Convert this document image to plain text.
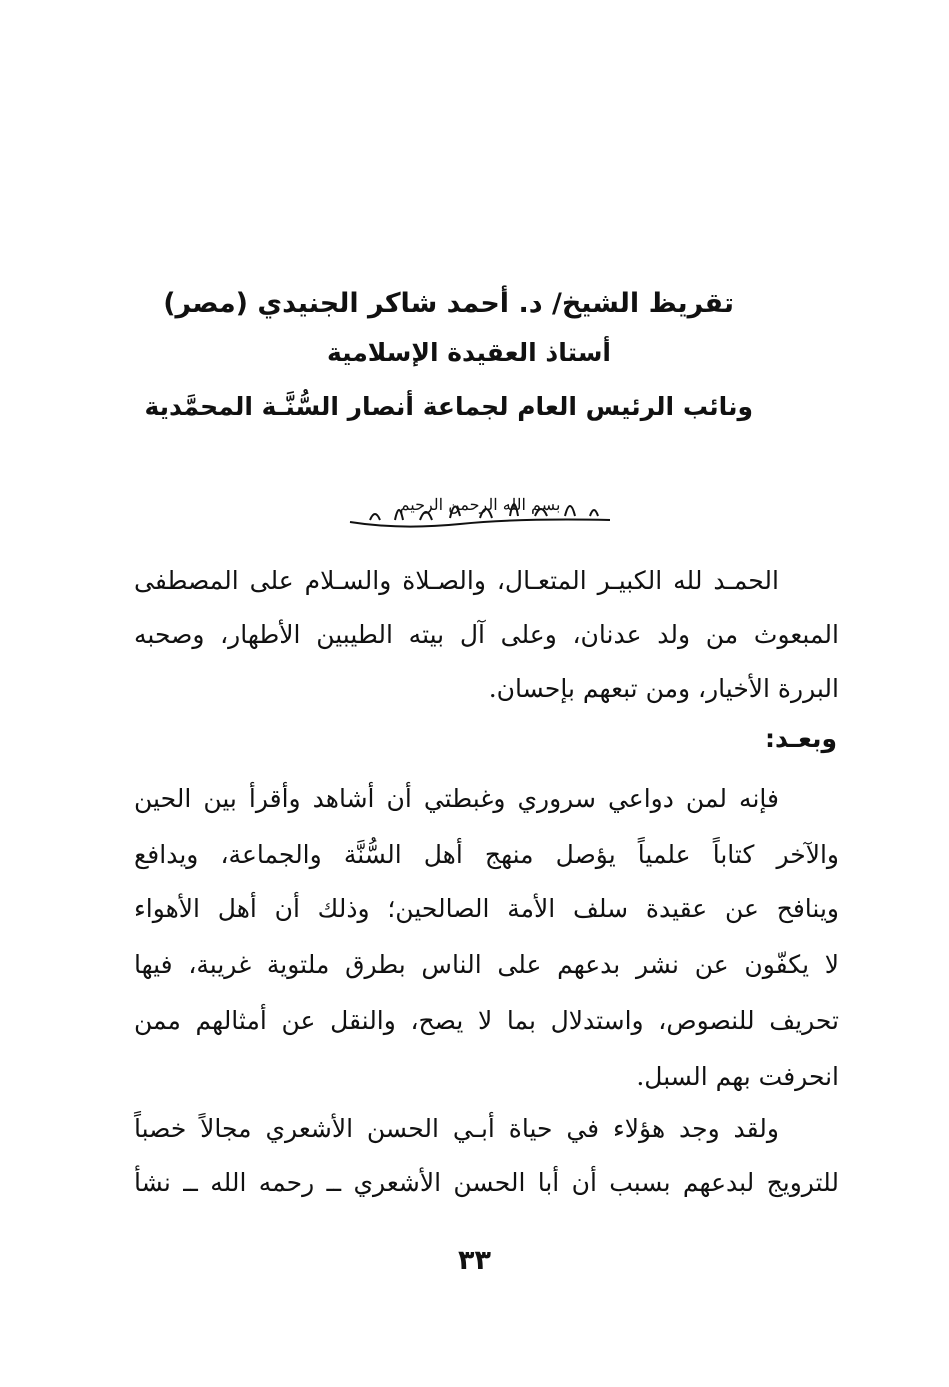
تقريظ الشيخ/ د. أحمد شاكر الجنيدي (مصر)
أستاذ العقيدة الإسلامية
ونائب الرئيس العام لجماعة أنصار السُّنَّـة المحمَّدية
بسم الله الرحمن الرحيم
الحمـد لله الكبيـر المتعـال، والصـلاة والسـلام على المصطفى
المبعوث من ولد عدنان، وعلى آل بيته الطيبين الأطهار، وصحبه
البررة الأخيار، ومن تبعهم بإحسان.
وبعـد:
فإنه لمن دواعي سروري وغبطتي أن أشاهد وأقرأ بين الحين
والآخر كتاباً علمياً يؤصل منهج أهل السُّنَّة والجماعة، ويدافع
وينافح عن عقيدة سلف الأمة الصالحين؛ وذلك أن أهل الأهواء
لا يكفّون عن نشر بدعهم على الناس بطرق ملتوية غريبة، فيها
تحريف للنصوص، واستدلال بما لا يصح، والنقل عن أمثالهم ممن
انحرفت بهم السبل.
ولقد وجد هؤلاء في حياة أبـي الحسن الأشعري مجالاً خصباً
للترويج لبدعهم بسبب أن أبا الحسن الأشعري ــ رحمه الله ــ نشأ
٣٣
